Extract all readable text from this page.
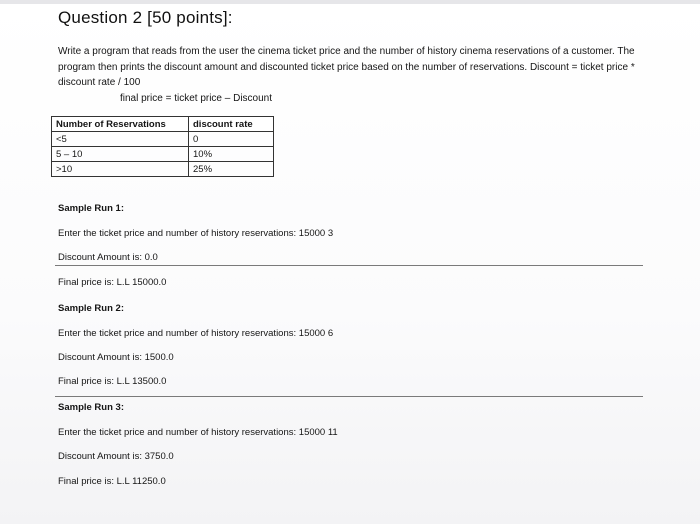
Question 2 [50 points]:
Write a program that reads from the user the cinema ticket price and the number of history cinema reservations of a customer. The program then prints the discount amount and discounted ticket price based on the number of reservations. Discount = ticket price * discount rate / 100
final price = ticket price – Discount
Number of Reservations	discount rate
<5	0
5 – 10	10%
>10	25%
Sample Run 1:
Enter the ticket price and number of history reservations: 15000 3
Discount Amount is: 0.0
Final price is: L.L 15000.0
Sample Run 2:
Enter the ticket price and number of history reservations: 15000 6
Discount Amount is: 1500.0
Final price is: L.L 13500.0
Sample Run 3:
Enter the ticket price and number of history reservations: 15000 11
Discount Amount is: 3750.0
Final price is: L.L 11250.0
